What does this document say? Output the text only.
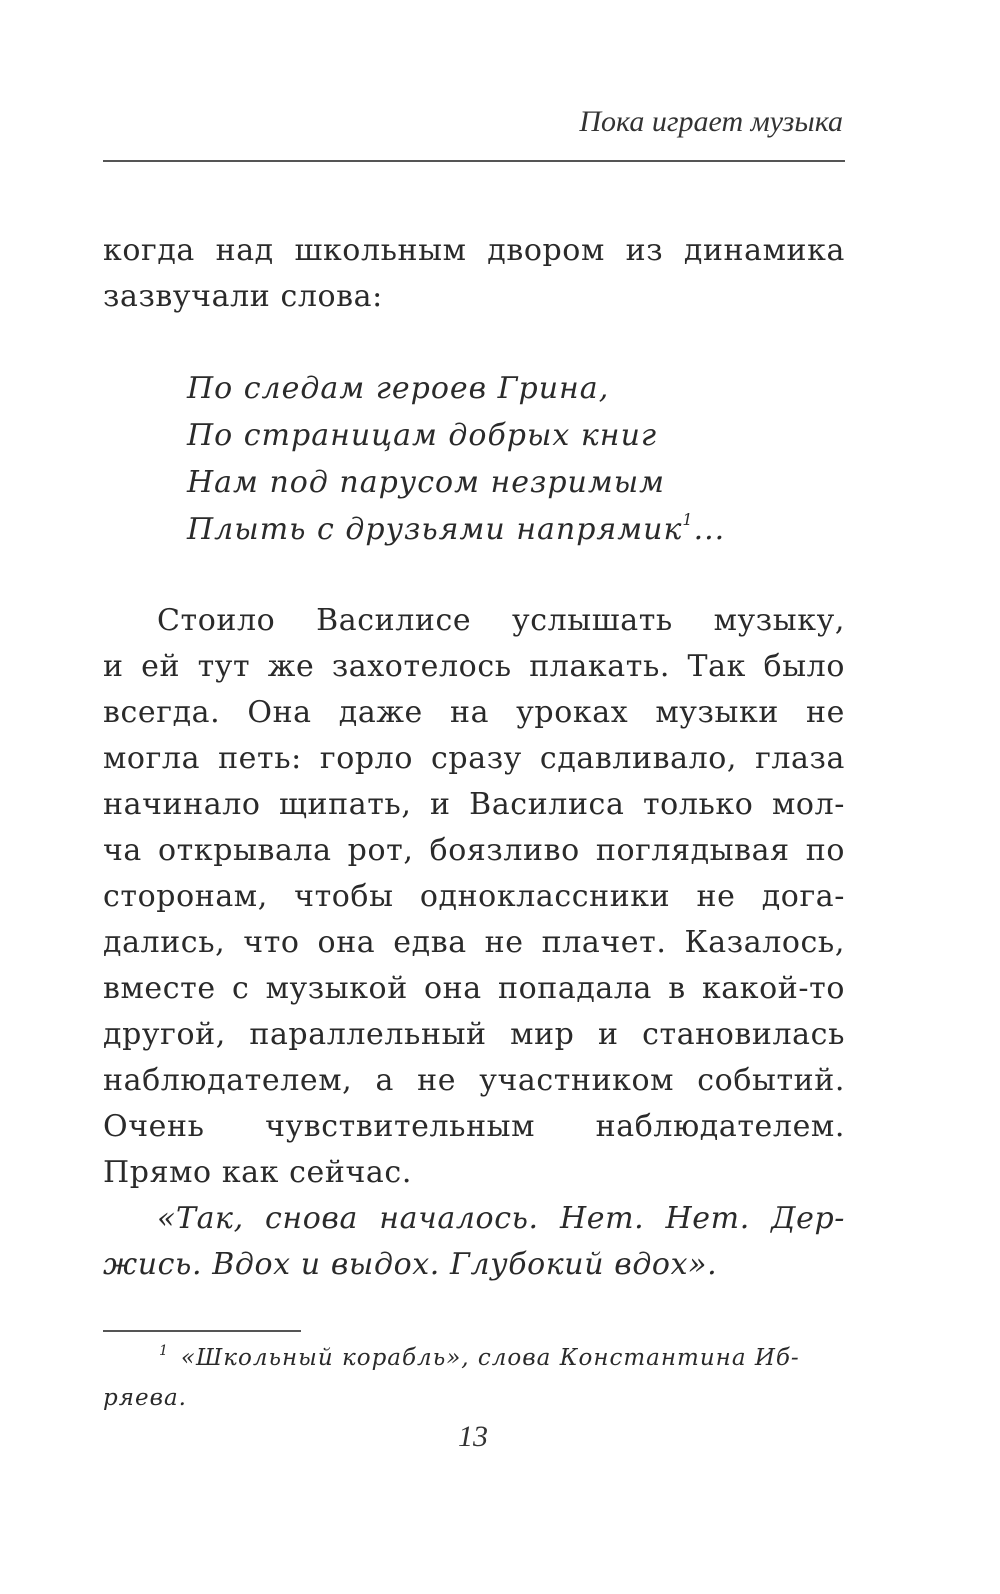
Пока играет музыка
когда над школьным двором из динамика
зазвучали слова:
По следам героев Грина,
По страницам добрых книг
Нам под парусом незримым
Плыть с друзьями напрямик$^1$...
Стоило Василисе услышать музыку,
и ей тут же захотелось плакать. Так было
всегда. Она даже на уроках музыки не
могла петь: горло сразу сдавливало, глаза
начинало щипать, и Василиса только мол-
ча открывала рот, боязливо поглядывая по
сторонам, чтобы одноклассники не дога-
дались, что она едва не плачет. Казалось,
вместе с музыкой она попадала в какой-то
другой, параллельный мир и становилась
наблюдателем, а не участником событий.
Очень чувствительным наблюдателем.
Прямо как сейчас.
«Так, снова началось. Нет. Нет. Дер-
жись. Вдох и выдох. Глубокий вдох».
$^1$ «Школьный корабль», слова Константина Иб-
ряева.
13
